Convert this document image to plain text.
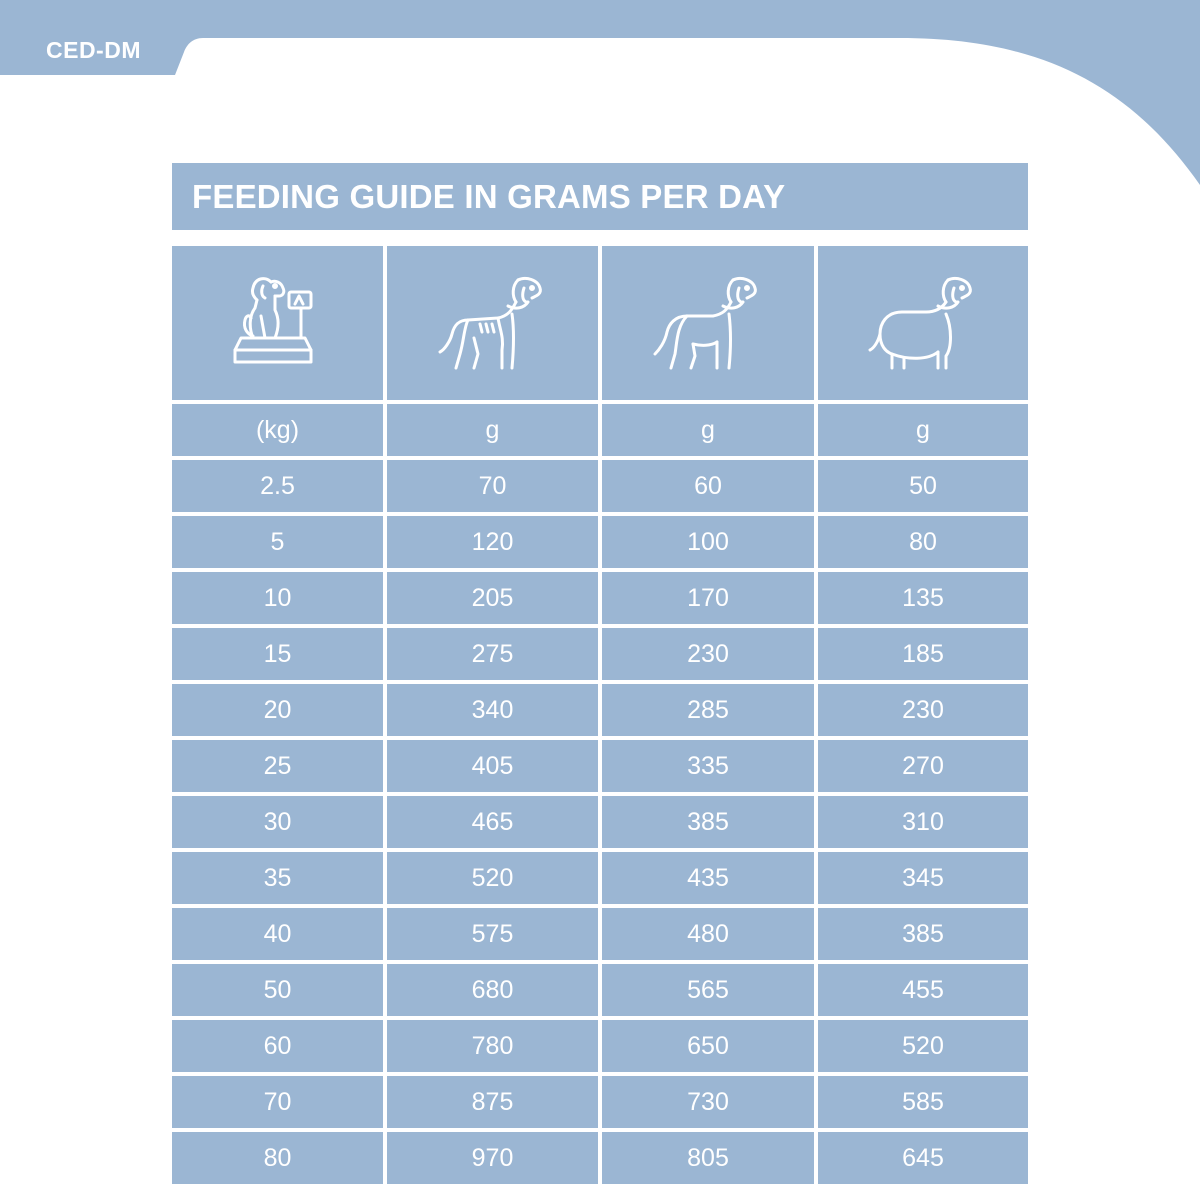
CED-DM
FEEDING GUIDE IN GRAMS PER DAY
(kg)	g	g	g
2.5	70	60	50
5	120	100	80
10	205	170	135
15	275	230	185
20	340	285	230
25	405	335	270
30	465	385	310
35	520	435	345
40	575	480	385
50	680	565	455
60	780	650	520
70	875	730	585
80	970	805	645
